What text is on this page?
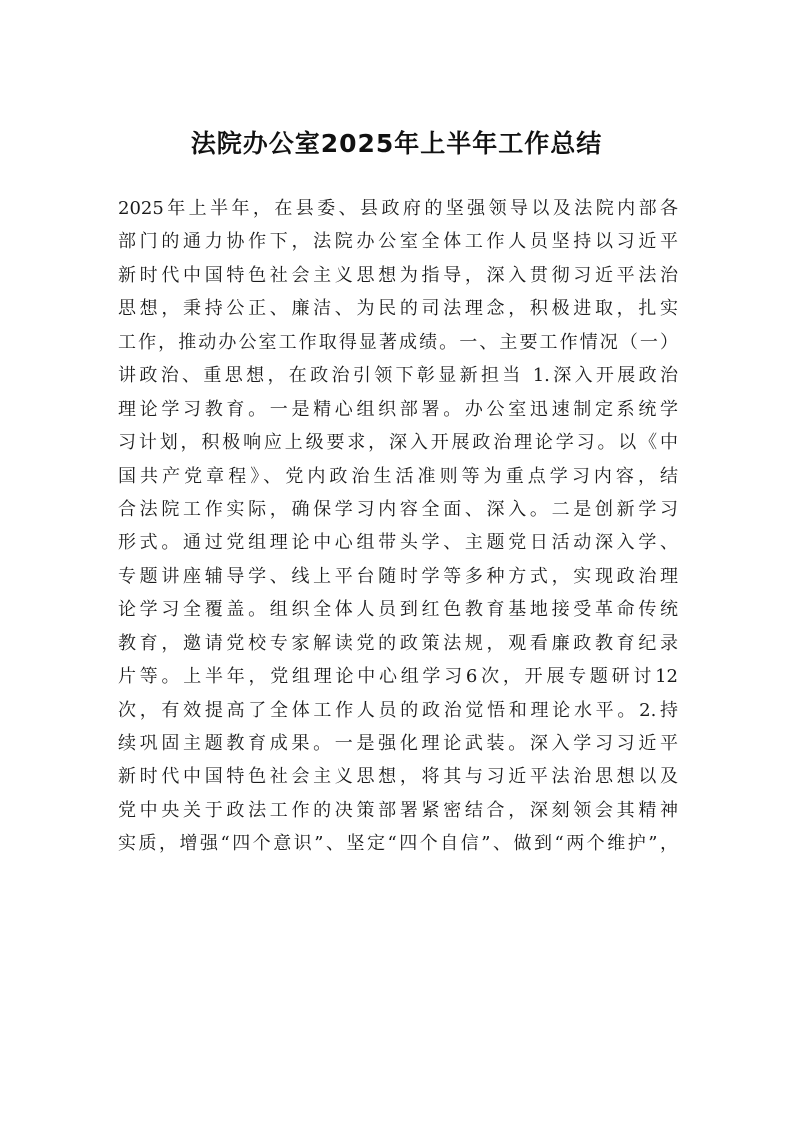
法院办公室2025年上半年工作总结
2025年上半年，在县委、县政府的坚强领导以及法院内部各
部门的通力协作下，法院办公室全体工作人员坚持以习近平
新时代中国特色社会主义思想为指导，深入贯彻习近平法治
思想，秉持公正、廉洁、为民的司法理念，积极进取，扎实
工作，推动办公室工作取得显著成绩。一、主要工作情况（一）
讲政治、重思想，在政治引领下彰显新担当 1.深入开展政治
理论学习教育。一是精心组织部署。办公室迅速制定系统学
习计划，积极响应上级要求，深入开展政治理论学习。以《中
国共产党章程》、党内政治生活准则等为重点学习内容，结
合法院工作实际，确保学习内容全面、深入。二是创新学习
形式。通过党组理论中心组带头学、主题党日活动深入学、
专题讲座辅导学、线上平台随时学等多种方式，实现政治理
论学习全覆盖。组织全体人员到红色教育基地接受革命传统
教育，邀请党校专家解读党的政策法规，观看廉政教育纪录
片等。上半年，党组理论中心组学习6次，开展专题研讨12
次，有效提高了全体工作人员的政治觉悟和理论水平。2.持
续巩固主题教育成果。一是强化理论武装。深入学习习近平
新时代中国特色社会主义思想，将其与习近平法治思想以及
党中央关于政法工作的决策部署紧密结合，深刻领会其精神
实质，增强“四个意识”、坚定“四个自信”、做到“两个维护”，
